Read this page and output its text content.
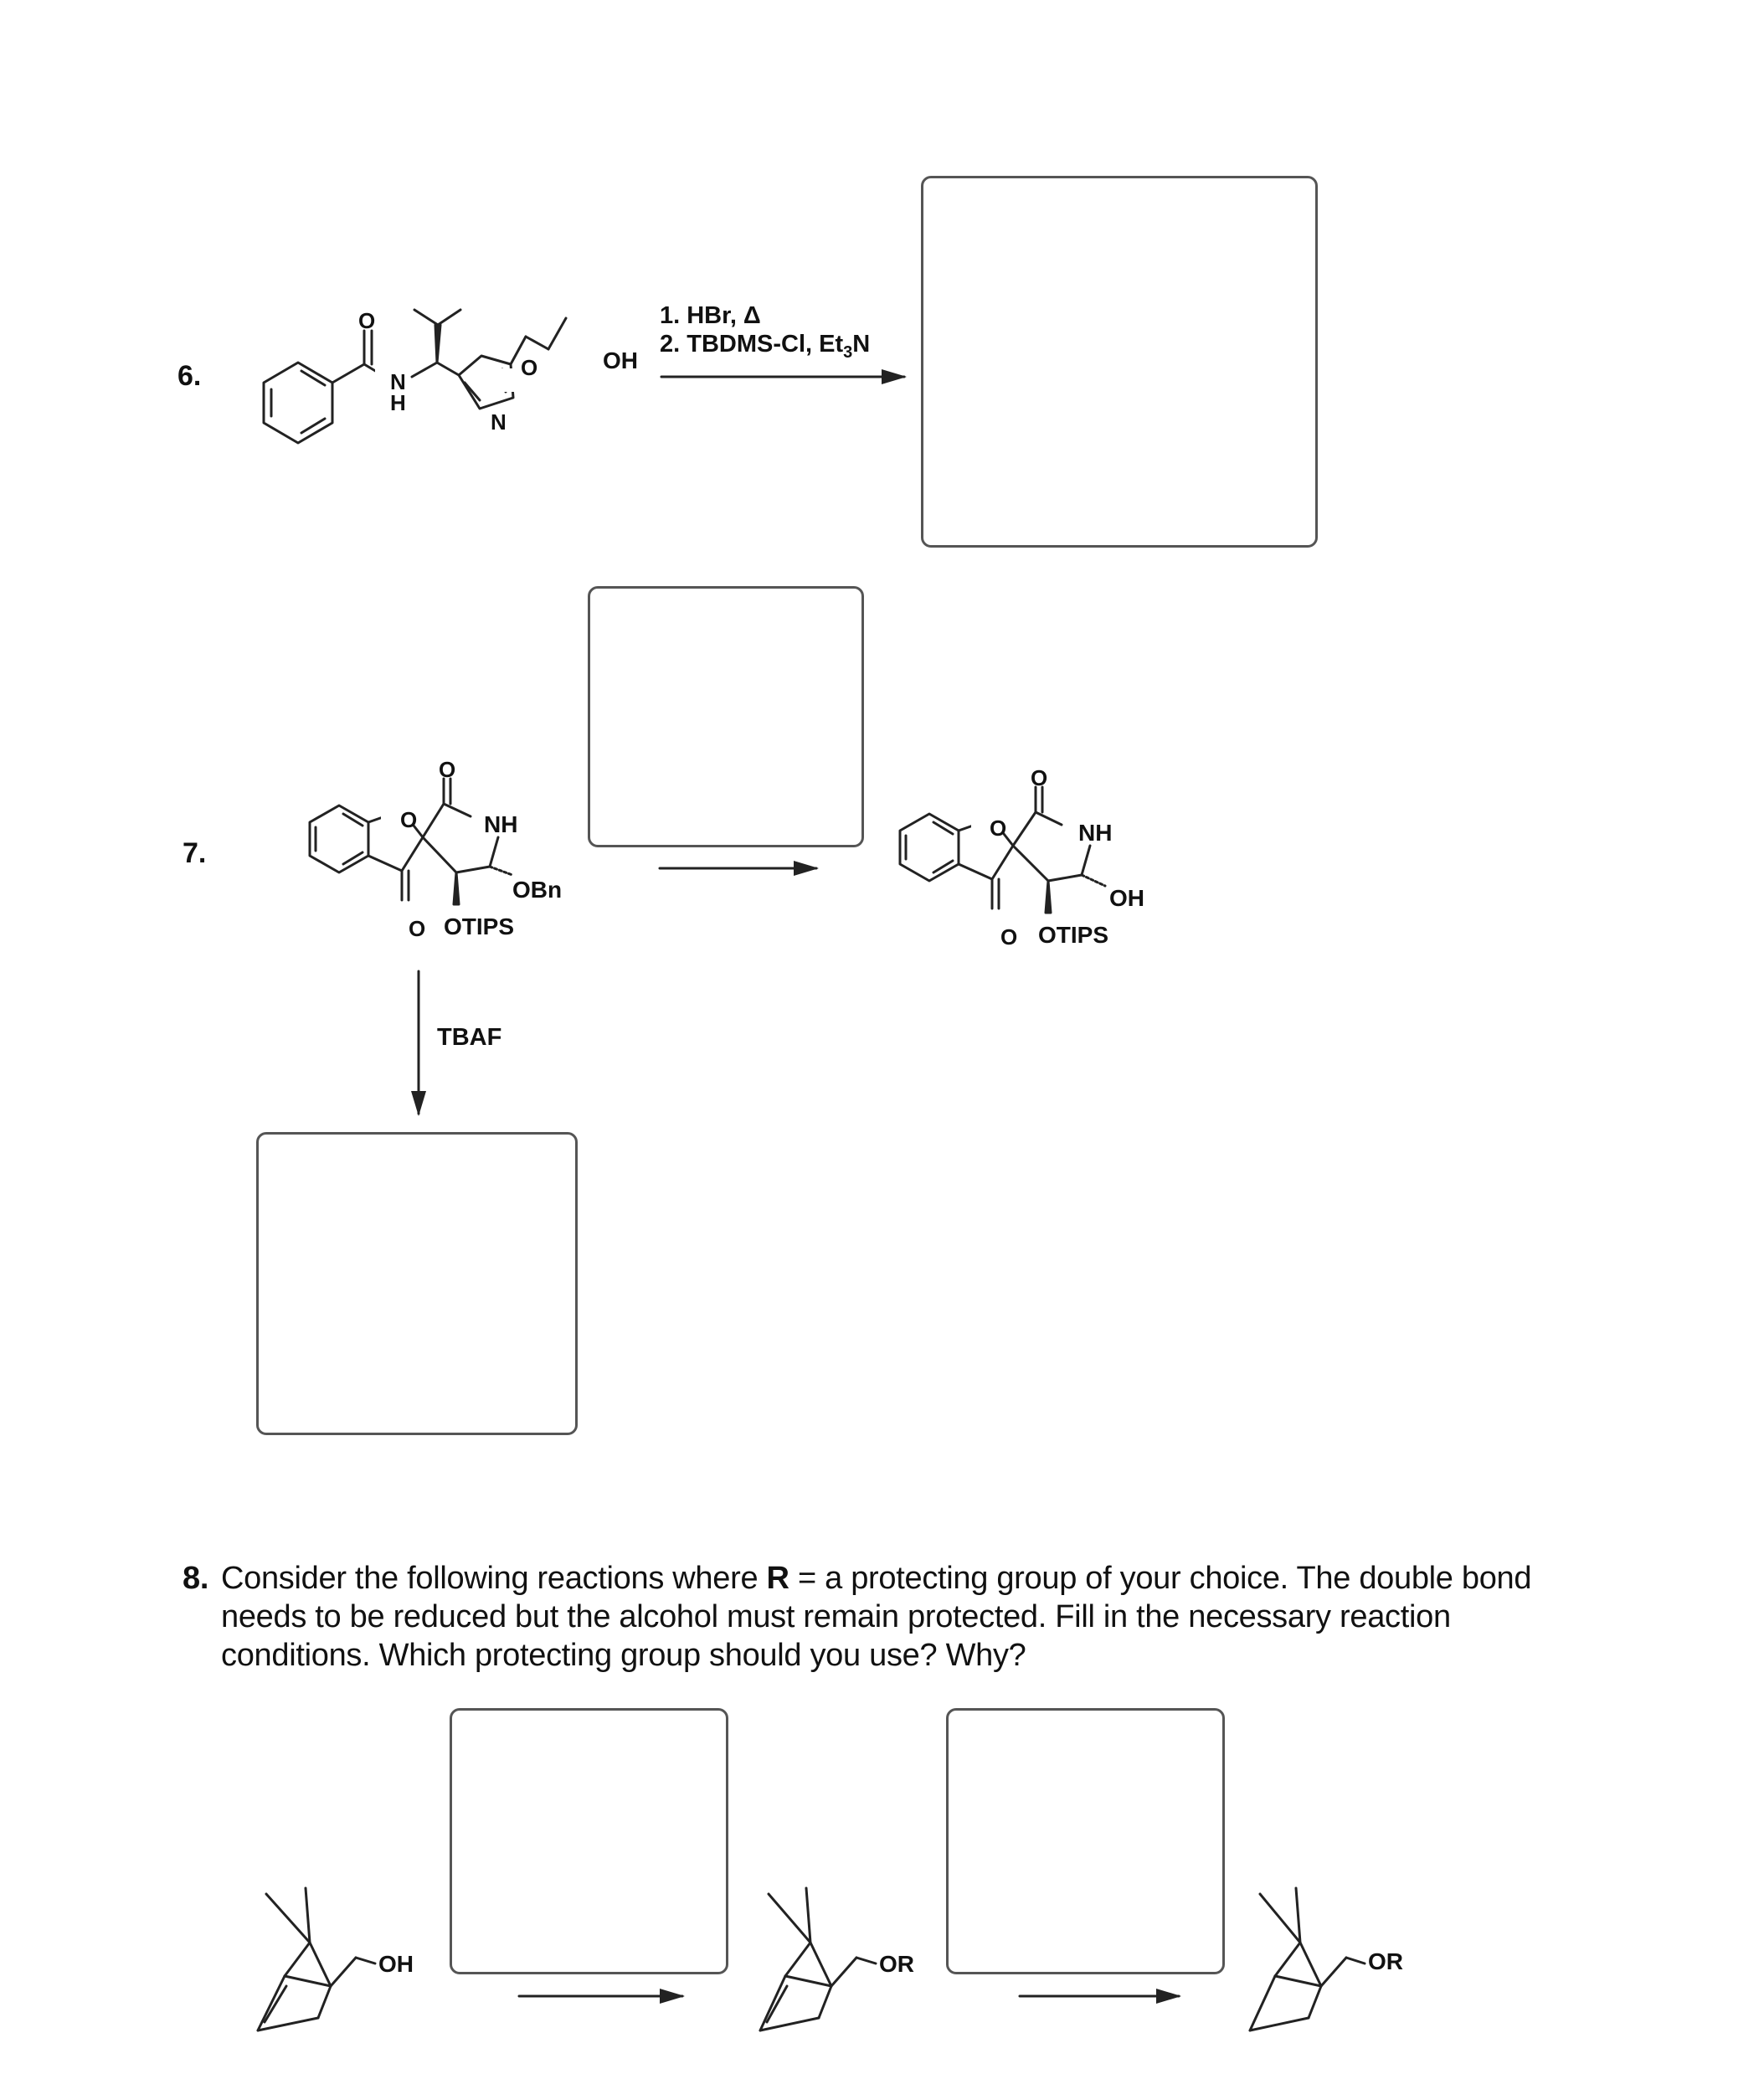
6.
7.
1. HBr, Δ
2. TBDMS-Cl, $Et_3N$
TBAF
8. Consider the following reactions where R = a protecting group of your choice. The double bond needs to be reduced but the alcohol must remain protected. Fill in the necessary reaction conditions. Which protecting group should you use? Why?

O
N
H
O
N
OH
O
O
NH
OBn
O OTIPS
O
O
NH
OH
O OTIPS
OH	OR	OR
